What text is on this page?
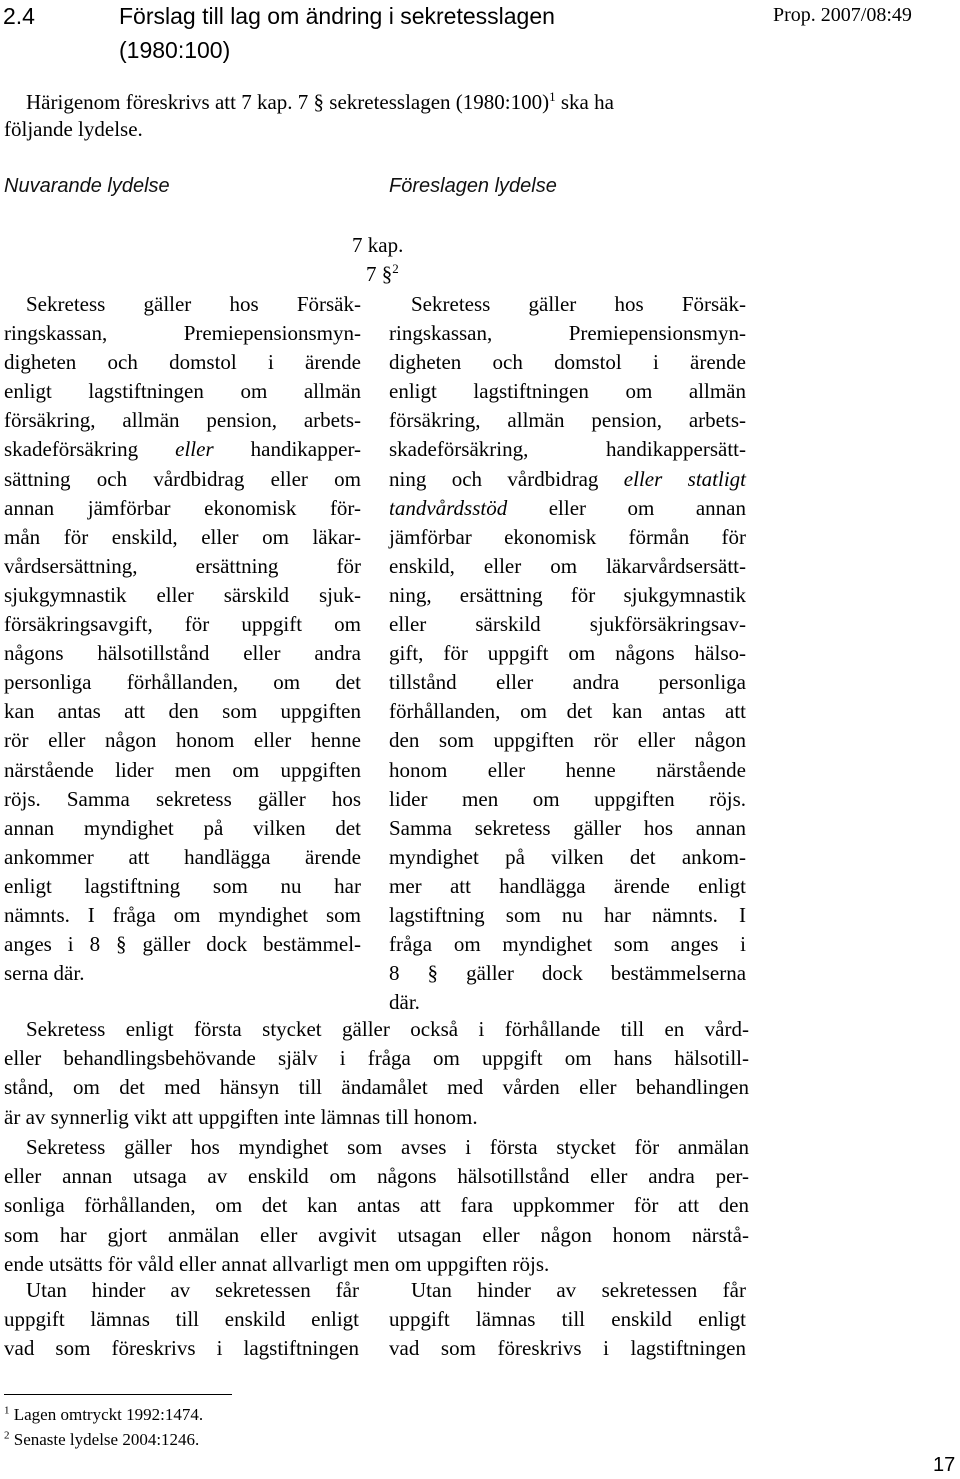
2.4	Förslag till lag om ändring i sekretesslagen
(1980:100)
Prop. 2007/08:49
Härigenom föreskrivs att 7 kap. 7 § sekretesslagen (1980:100)$^1$ ska ha
följande lydelse.
Nuvarande lydelse	Föreslagen lydelse
7 kap.
7 §$^2$
Sekretess gäller hos Försäk-
ringskassan, Premiepensionsmyn-
digheten och domstol i ärende
enligt lagstiftningen om allmän
försäkring, allmän pension, arbets-
skadeförsäkring eller handikapper-
sättning och vårdbidrag eller om
annan jämförbar ekonomisk för-
mån för enskild, eller om läkar-
vårdsersättning, ersättning för
sjukgymnastik eller särskild sjuk-
försäkringsavgift, för uppgift om
någons hälsotillstånd eller andra
personliga förhållanden, om det
kan antas att den som uppgiften
rör eller någon honom eller henne
närstående lider men om uppgiften
röjs. Samma sekretess gäller hos
annan myndighet på vilken det
ankommer att handlägga ärende
enligt lagstiftning som nu har
nämnts. I fråga om myndighet som
anges i 8 § gäller dock bestämmel-
serna där.
Sekretess gäller hos Försäk-
ringskassan, Premiepensionsmyn-
digheten och domstol i ärende
enligt lagstiftningen om allmän
försäkring, allmän pension, arbets-
skadeförsäkring, handikappersätt-
ning och vårdbidrag eller statligt
tandvårdsstöd eller om annan
jämförbar ekonomisk förmån för
enskild, eller om läkarvårdsersätt-
ning, ersättning för sjukgymnastik
eller särskild sjukförsäkringsav-
gift, för uppgift om någons hälso-
tillstånd eller andra personliga
förhållanden, om det kan antas att
den som uppgiften rör eller någon
honom eller henne närstående
lider men om uppgiften röjs.
Samma sekretess gäller hos annan
myndighet på vilken det ankom-
mer att handlägga ärende enligt
lagstiftning som nu har nämnts. I
fråga om myndighet som anges i
8 § gäller dock bestämmelserna
där.
Sekretess enligt första stycket gäller också i förhållande till en vård-
eller behandlingsbehövande själv i fråga om uppgift om hans hälsotill-
stånd, om det med hänsyn till ändamålet med vården eller behandlingen
är av synnerlig vikt att uppgiften inte lämnas till honom.
Sekretess gäller hos myndighet som avses i första stycket för anmälan
eller annan utsaga av enskild om någons hälsotillstånd eller andra per-
sonliga förhållanden, om det kan antas att fara uppkommer för att den
som har gjort anmälan eller avgivit utsagan eller någon honom närstå-
ende utsätts för våld eller annat allvarligt men om uppgiften röjs.
Utan hinder av sekretessen får
uppgift lämnas till enskild enligt
vad som föreskrivs i lagstiftningen
Utan hinder av sekretessen får
uppgift lämnas till enskild enligt
vad som föreskrivs i lagstiftningen
$^1$ Lagen omtryckt 1992:1474.
$^2$ Senaste lydelse 2004:1246.
17
